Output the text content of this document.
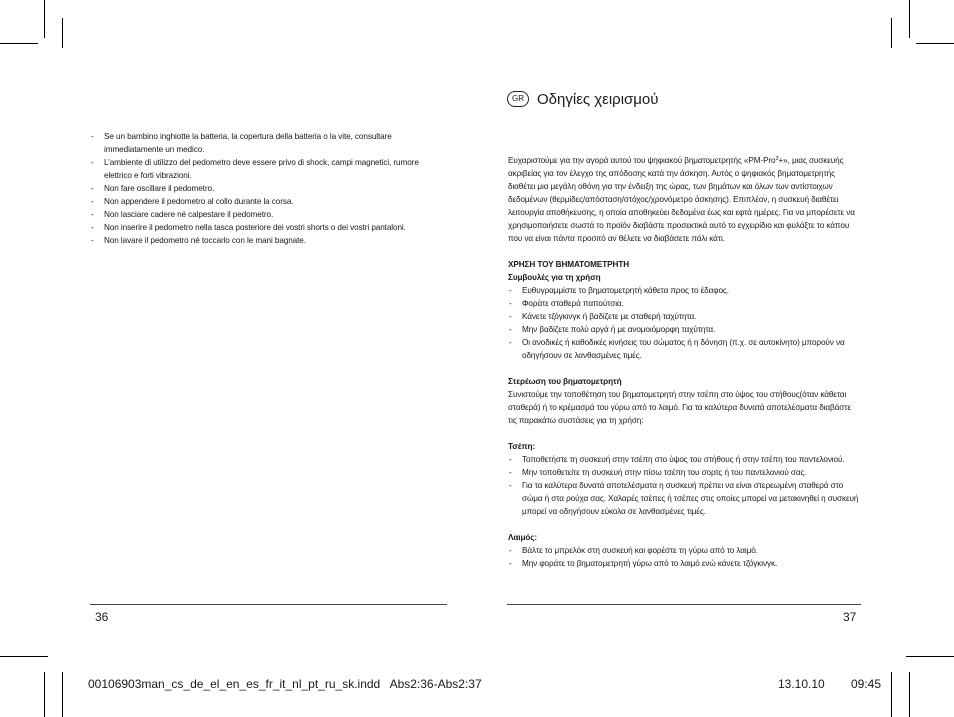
- Se un bambino inghiotte la batteria, la copertura della batteria o la vite, consultare immediatamente un medico.
- L’ambiente di utilizzo del pedometro deve essere privo di shock, campi magnetici, rumore elettrico e forti vibrazioni.
- Non fare oscillare il pedometro.
- Non appendere il pedometro al collo durante la corsa.
- Non lasciare cadere né calpestare il pedometro.
- Non inserire il pedometro nella tasca posteriore dei vostri shorts o dei vostri pantaloni.
- Non lavare il pedometro né toccarlo con le mani bagnate.
36
GR Οδηγίες χειρισμού

Ευχαριστούμε για την αγορά αυτού του ψηφιακού βηματομετρητής «PM-Pro$^3$+», μιας συσκευής ακριβείας για τον έλεγχο της απόδοσης κατά την άσκηση. Αυτός ο ψηφιακός βηματομετρητής διαθέτει μια μεγάλη οθόνη για την ένδειξη της ώρας, των βημάτων και όλων των αντίστοιχων δεδομένων (θερμίδες/απόσταση/στόχος/χρονόμετρο άσκησης). Επιπλέον, η συσκευή διαθέτει λειτουργία αποθήκευσης, η οποία αποθηκεύει δεδομένα έως και εφτά ημέρες. Για να μπορέσετε να χρησιμοποιήσετε σωστά το προϊόν διαβάστε προσεκτικά αυτό το εγχειρίδιο και φυλάξτε το κάπου που να είναι πάντα προσιτό αν θέλετε να διαβάσετε πάλι κάτι.

ΧΡΗΣΗ ΤΟΥ ΒΗΜΑΤΟΜΕΤΡΗΤΗ

Συμβουλές για τη χρήση

- Ευθυγραμμίστε το βηματομετρητή κάθετα προς το έδαφος.
- Φοράτε σταθερά παπούτσια.
- Κάνετε τζόγκινγκ ή βαδίζετε με σταθερή ταχύτητα.
- Μην βαδίζετε πολύ αργά ή με ανομοιόμορφη ταχύτητα.
- Οι ανοδικές ή καθοδικές κινήσεις του σώματος ή η δόνηση (π.χ. σε αυτοκίνητο) μπορούν να οδηγήσουν σε λανθασμένες τιμές.

Στερέωση του βηματομετρητή

Συνιστούμε την τοποθέτηση του βηματομετρητή στην τσέπη στο ύψος του στήθους(όταν κάθεται σταθερά) ή το κρέμασμά του γύρω από το λαιμό. Για τα καλύτερα δυνατά αποτελέσματα διαβάστε τις παρακάτω συστάσεις για τη χρήση:

Τσέπη:

- Τοποθετήστε τη συσκευή στην τσέπη στο ύψος του στήθους ή στην τσέπη του παντελονιού.
- Μην τοποθετείτε τη συσκευή στην πίσω τσέπη του σορτς ή του παντελονιού σας.
- Για τα καλύτερα δυνατά αποτελέσματα η συσκευή πρέπει να είναι στερεωμένη σταθερά στο σώμα ή στα ρούχα σας. Χαλαρές τσέπες ή τσέπες στις οποίες μπορεί να μετακινηθεί η συσκευή μπορεί να οδηγήσουν εύκολα σε λανθασμένες τιμές.

Λαιμός:

- Βάλτε το μπρελόκ στη συσκευή και φορέστε τη γύρω από το λαιμό.
- Μην φοράτε το βηματομετρητή γύρω από το λαιμό ενώ κάνετε τζόγκινγκ.
37
00106903man_cs_de_el_en_es_fr_it_nl_pt_ru_sk.indd   Abs2:36-Abs2:37	13.10.10 09:45
